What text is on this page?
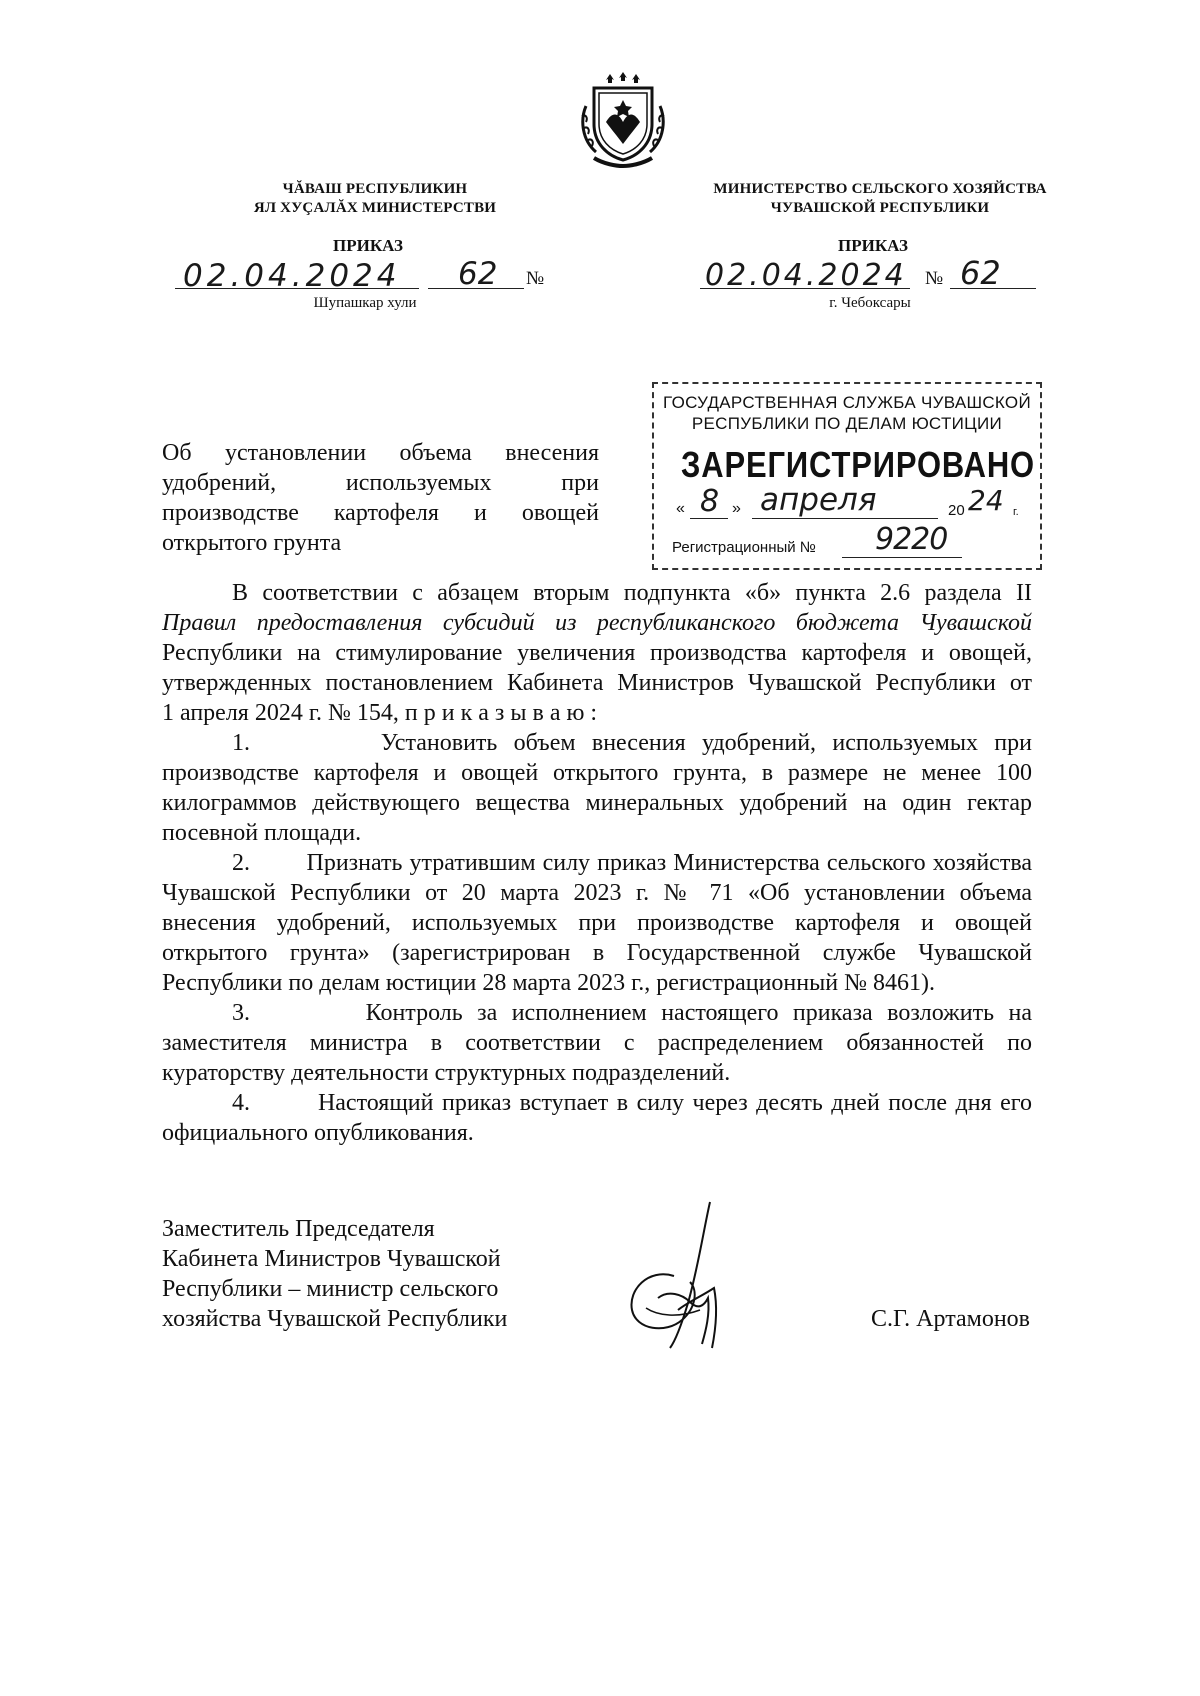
ЧĂВАШ РЕСПУБЛИКИН
ЯЛ ХУÇАЛĂХ МИНИСТЕРСТВИ
МИНИСТЕРСТВО СЕЛЬСКОГО ХОЗЯЙСТВА
ЧУВАШСКОЙ РЕСПУБЛИКИ
ПРИКАЗ
02.04.2024 62 №
Шупашкар хули
ПРИКАЗ
02.04.2024 № 62
г. Чебоксары
ГОСУДАРСТВЕННАЯ СЛУЖБА ЧУВАШСКОЙ
РЕСПУБЛИКИ ПО ДЕЛАМ ЮСТИЦИИ
ЗАРЕГИСТРИРОВАНО
« 8 » апреля	20 24 г.
Регистрационный № 9220
Об установлении объема внесения
удобрений,	используемых	при
производстве картофеля и овощей
открытого грунта
В соответствии с абзацем вторым подпункта «б» пункта 2.6 раздела II
Правил предоставления субсидий из республиканского бюджета Чувашской
Республики на стимулирование увеличения производства картофеля и овощей,
утвержденных постановлением Кабинета Министров Чувашской Республики от
1 апреля 2024 г. № 154, п р и к а з ы в а ю :
1.        Установить объем внесения удобрений, используемых при
производстве картофеля и овощей открытого грунта, в размере не менее 100
килограммов действующего вещества минеральных удобрений на один гектар
посевной площади.
2.        Признать утратившим силу приказ Министерства сельского хозяйства
Чувашской Республики от 20 марта 2023 г. № 71 «Об установлении объема
внесения удобрений, используемых при производстве картофеля и овощей
открытого грунта» (зарегистрирован в Государственной службе Чувашской
Республики по делам юстиции 28 марта 2023 г., регистрационный № 8461).
3.        Контроль за исполнением настоящего приказа возложить на
заместителя министра в соответствии с распределением обязанностей по
кураторству деятельности структурных подразделений.
4.        Настоящий приказ вступает в силу через десять дней после дня его
официального опубликования.
Заместитель Председателя
Кабинета Министров Чувашской
Республики – министр сельского
хозяйства Чувашской Республики	С.Г. Артамонов
